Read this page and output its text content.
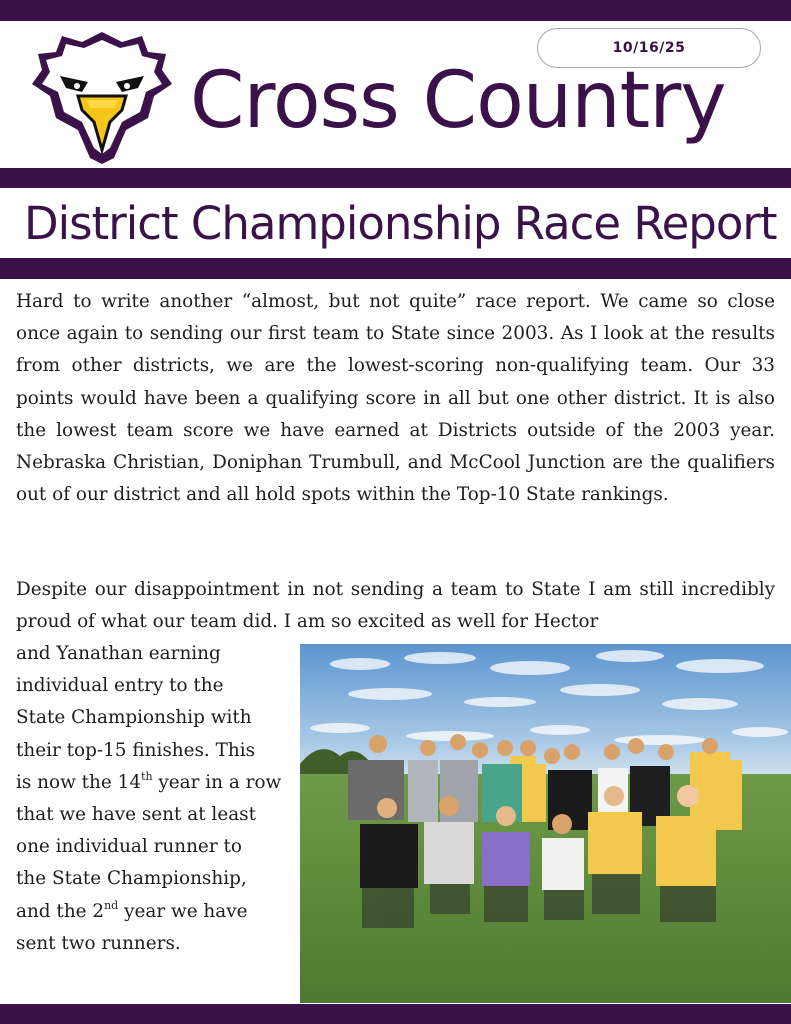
10/16/25
Cross Country
District Championship Race Report

Hard to write another “almost, but not quite” race report. We came so close once again to sending our first team to State since 2003. As I look at the results from other districts, we are the lowest-scoring non-qualifying team. Our 33 points would have been a qualifying score in all but one other district. It is also the lowest team score we have earned at Districts outside of the 2003 year. Nebraska Christian, Doniphan Trumbull, and McCool Junction are the qualifiers out of our district and all hold spots within the Top-10 State rankings.

Despite our disappointment in not sending a team to State I am still incredibly proud of what our team did. I am so excited as well for Hector

and Yanathan earning
individual entry to the
State Championship with
their top-15 finishes. This
is now the 14th year in a row
that we have sent at least
one individual runner to
the State Championship,
and the 2nd year we have
sent two runners.
